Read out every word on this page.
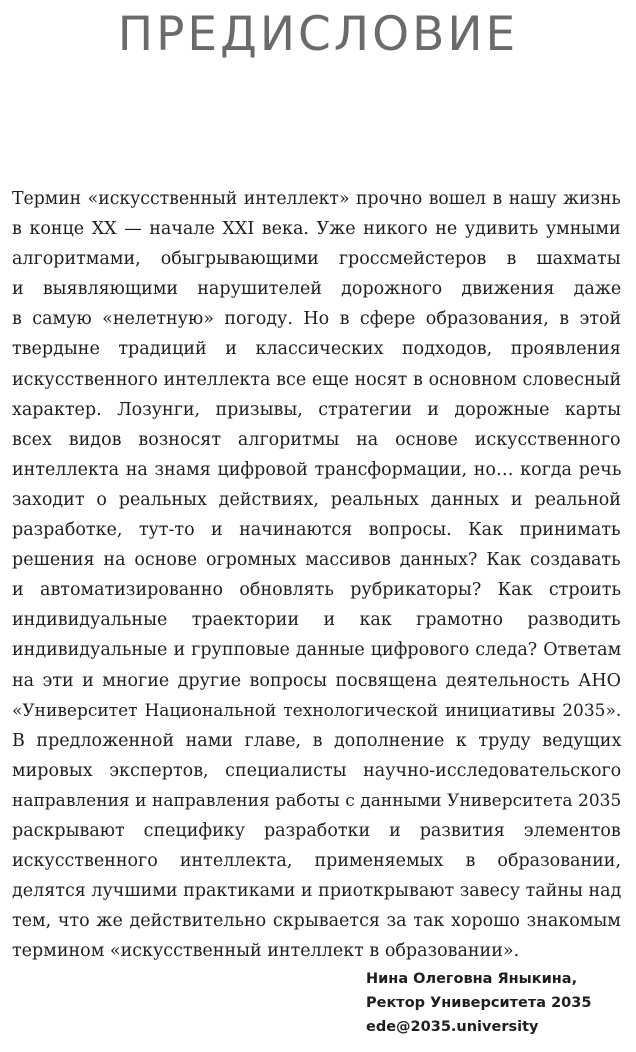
ПРЕДИСЛОВИЕ
Термин «искусственный интеллект» прочно вошел в нашу жизнь
в конце XX — начале XXI века. Уже никого не удивить умными
алгоритмами, обыгрывающими гроссмейстеров в шахматы
и выявляющими нарушителей дорожного движения даже
в самую «нелетную» погоду. Но в сфере образования, в этой
твердыне традиций и классических подходов, проявления
искусственного интеллекта все еще носят в основном словесный
характер. Лозунги, призывы, стратегии и дорожные карты
всех видов возносят алгоритмы на основе искусственного
интеллекта на знамя цифровой трансформации, но… когда речь
заходит о реальных действиях, реальных данных и реальной
разработке, тут-то и начинаются вопросы. Как принимать
решения на основе огромных массивов данных? Как создавать
и автоматизированно обновлять рубрикаторы? Как строить
индивидуальные траектории и как грамотно разводить
индивидуальные и групповые данные цифрового следа? Ответам
на эти и многие другие вопросы посвящена деятельность АНО
«Университет Национальной технологической инициативы 2035».
В предложенной нами главе, в дополнение к труду ведущих
мировых экспертов, специалисты научно-исследовательского
направления и направления работы с данными Университета 2035
раскрывают специфику разработки и развития элементов
искусственного интеллекта, применяемых в образовании,
делятся лучшими практиками и приоткрывают завесу тайны над
тем, что же действительно скрывается за так хорошо знакомым
термином «искусственный интеллект в образовании».
Нина Олеговна Яныкина,
Ректор Университета 2035
ede@2035.university
